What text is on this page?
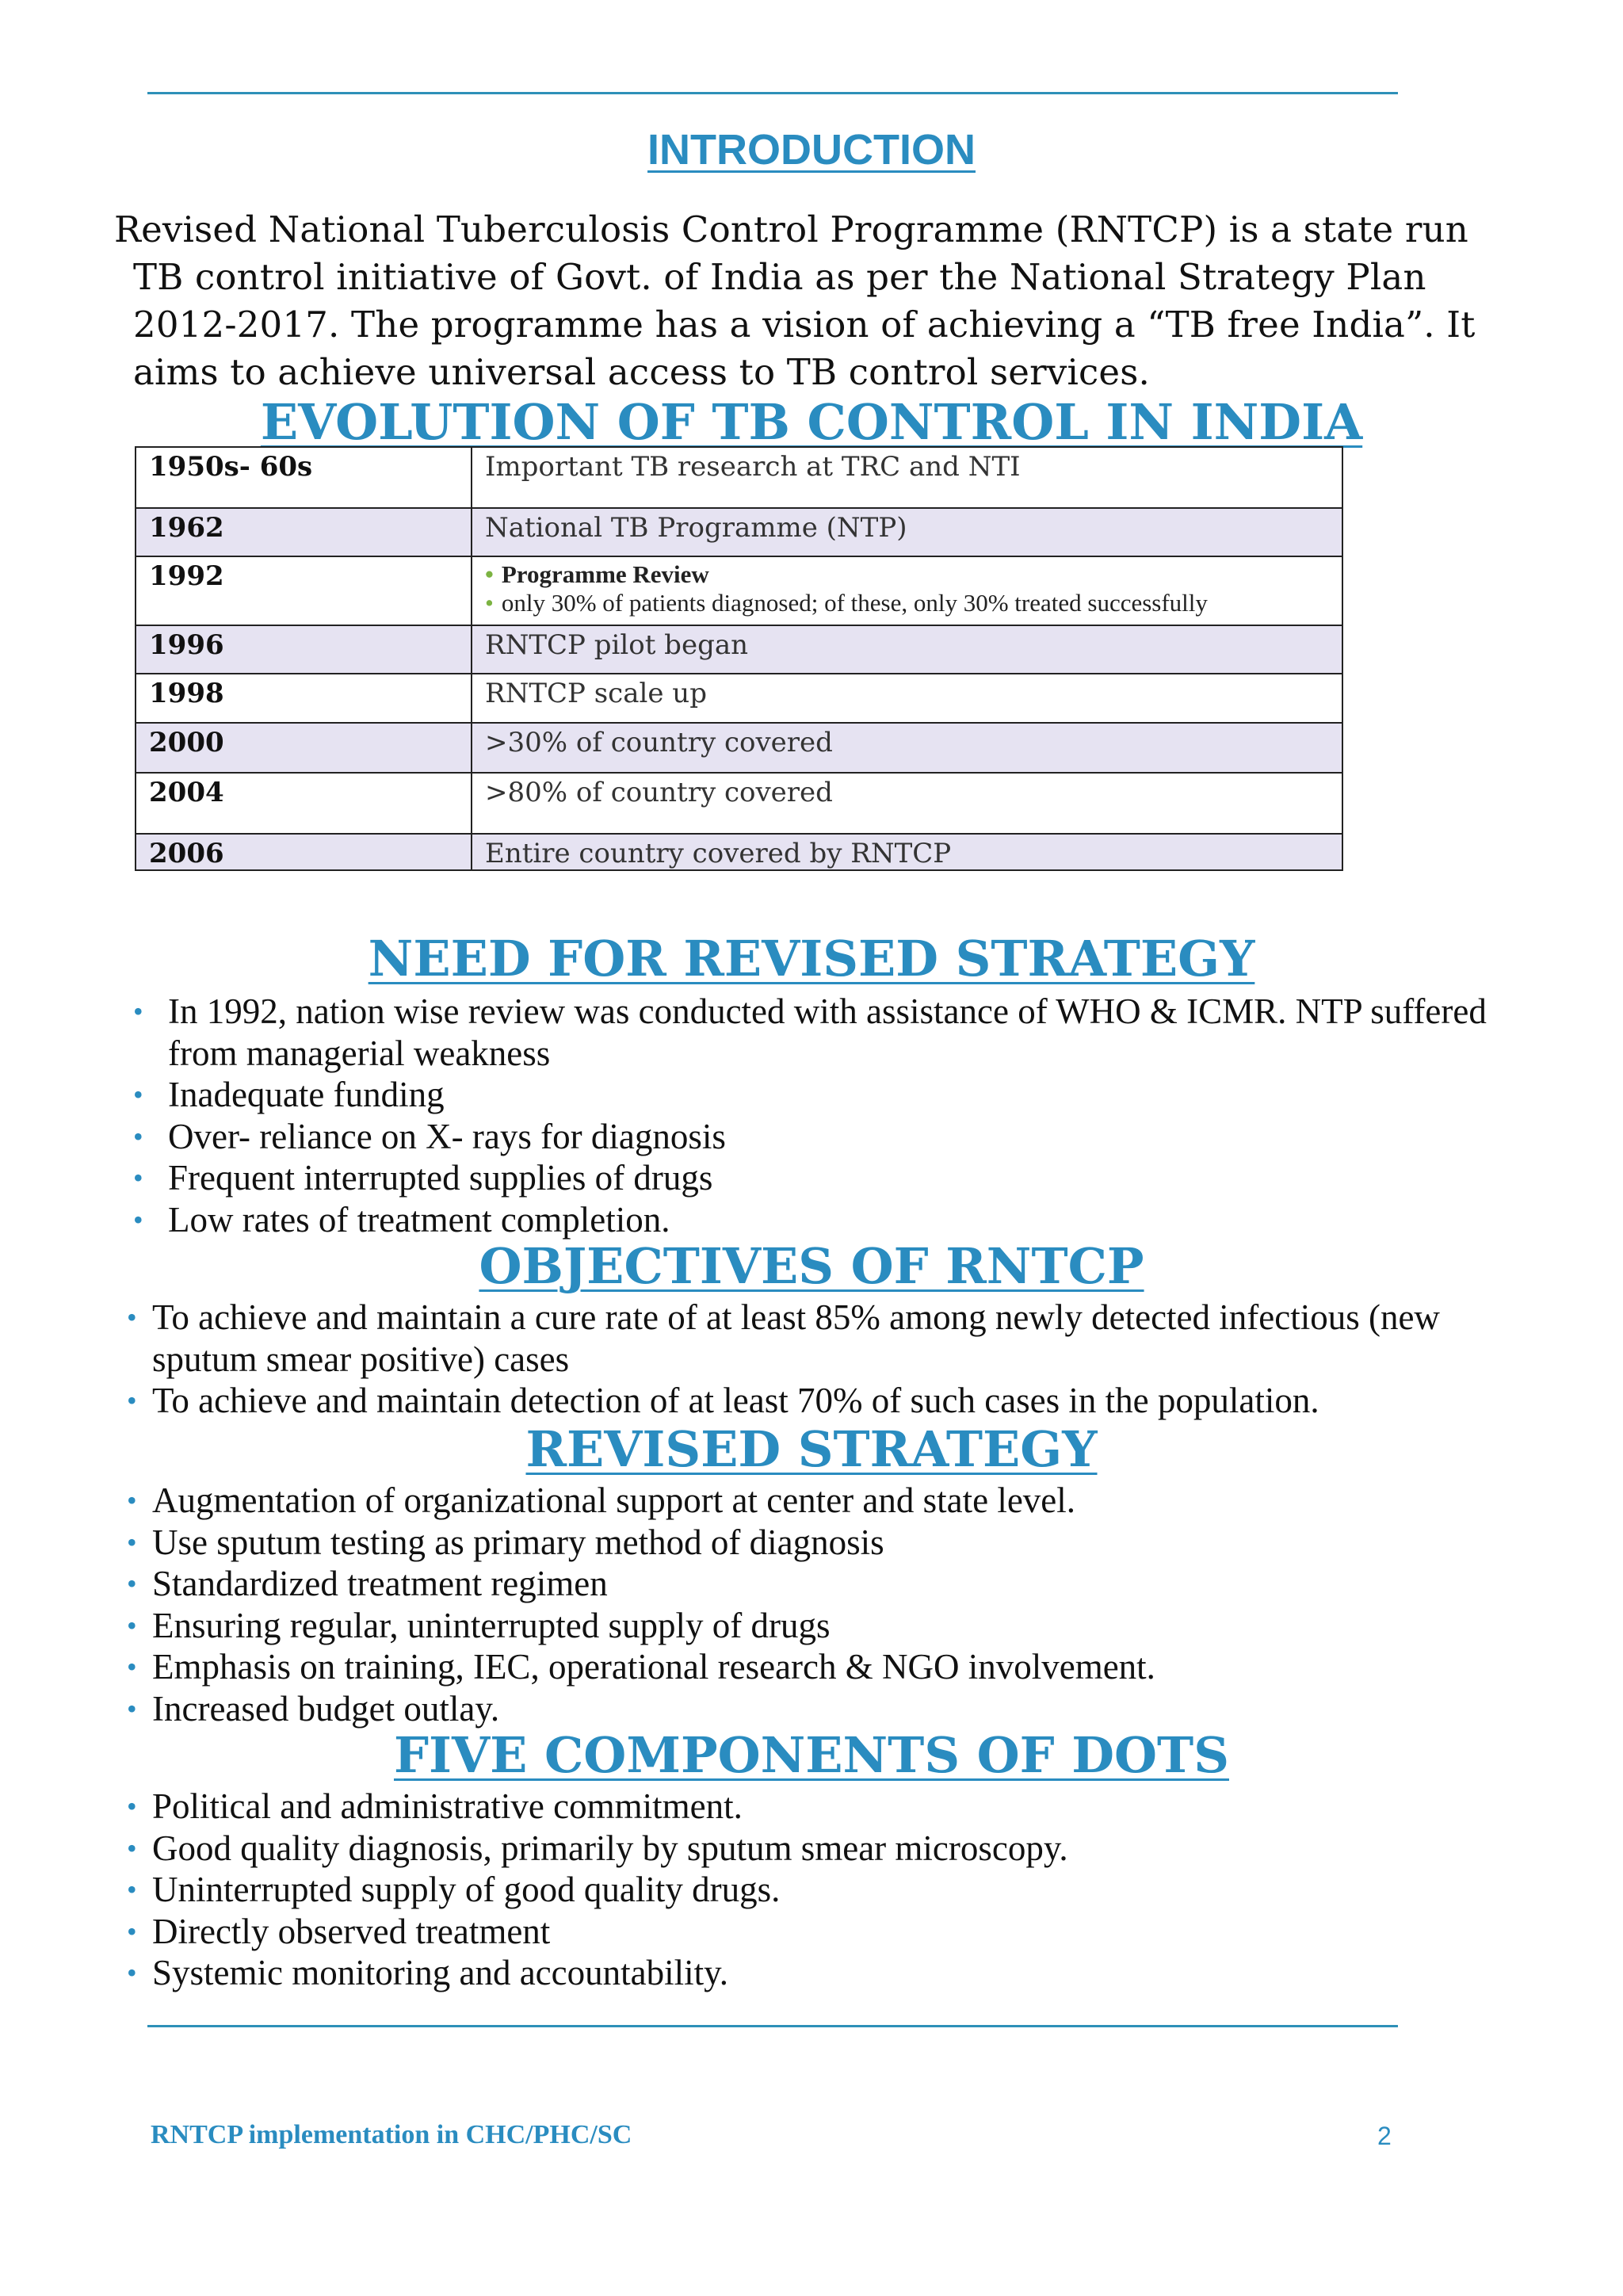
INTRODUCTION

Revised National Tuberculosis Control Programme (RNTCP) is a state run TB control initiative of Govt. of India as per the National Strategy Plan 2012-2017. The programme has a vision of achieving a “TB free India”. It aims to achieve universal access to TB control services.

EVOLUTION OF TB CONTROL IN INDIA
1950s- 60s	Important TB research at TRC and NTI
1962	National TB Programme (NTP)
1992	• Programme Review
• only 30% of patients diagnosed; of these, only 30% treated successfully

1996	RNTCP pilot began
1998	RNTCP scale up
2000	>30% of country covered
2004	>80% of country covered
2006	Entire country covered by RNTCP
NEED FOR REVISED STRATEGY
• In 1992, nation wise review was conducted with assistance of WHO & ICMR. NTP suffered from managerial weakness
• Inadequate funding
• Over- reliance on X- rays for diagnosis
• Frequent interrupted supplies of drugs
• Low rates of treatment completion.
OBJECTIVES OF RNTCP
• To achieve and maintain a cure rate of at least 85% among newly detected infectious (new sputum smear positive) cases
• To achieve and maintain detection of at least 70% of such cases in the population.
REVISED STRATEGY
• Augmentation of organizational support at center and state level.
• Use sputum testing as primary method of diagnosis
• Standardized treatment regimen
• Ensuring regular, uninterrupted supply of drugs
• Emphasis on training, IEC, operational research & NGO involvement.
• Increased budget outlay.
FIVE COMPONENTS OF DOTS
• Political and administrative commitment.
• Good quality diagnosis, primarily by sputum smear microscopy.
• Uninterrupted supply of good quality drugs.
• Directly observed treatment
• Systemic monitoring and accountability.
RNTCP implementation in CHC/PHC/SC	2
